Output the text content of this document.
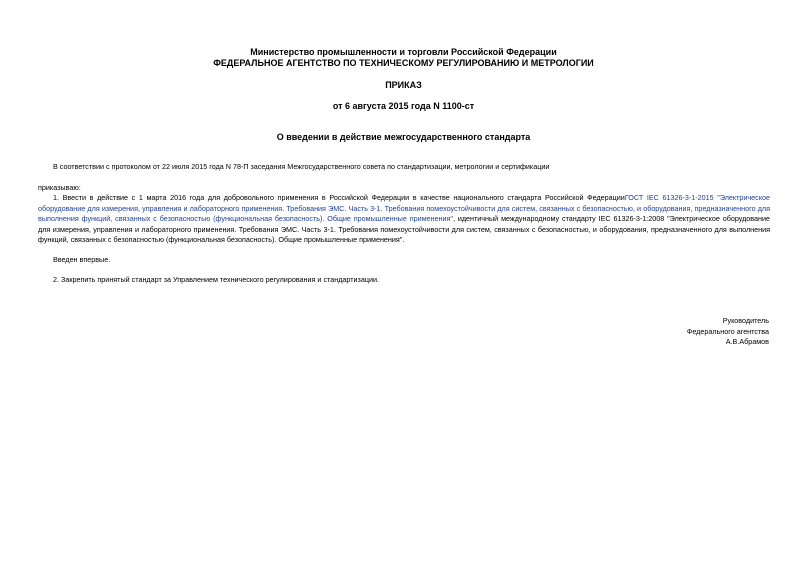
Министерство промышленности и торговли Российской Федерации
ФЕДЕРАЛЬНОЕ АГЕНТСТВО ПО ТЕХНИЧЕСКОМУ РЕГУЛИРОВАНИЮ И МЕТРОЛОГИИ
ПРИКАЗ
от 6 августа 2015 года N 1100-ст
О введении в действие межгосударственного стандарта
В соответствии с протоколом от 22 июля 2015 года N 78-П заседания Межгосударственного совета по стандартизации, метрологии и сертификации
приказываю:
1. Ввести в действие с 1 марта 2016 года для добровольного применения в Российской Федерации в качестве национального стандарта Российской ФедерацииГОСТ IEC 61326-3-1-2015 "Электрическое оборудование для измерения, управления и лабораторного применения. Требования ЭМС. Часть 3-1. Требования помехоустойчивости для систем, связанных с безопасностью, и оборудования, предназначенного для выполнения функций, связанных с безопасностью (функциональная безопасность). Общие промышленные применения", идентичный международному стандарту IEC 61326-3-1:2008 "Электрическое оборудование для измерения, управления и лабораторного применения. Требования ЭМС. Часть 3-1. Требования помехоустойчивости для систем, связанных с безопасностью, и оборудования, предназначенного для выполнения функций, связанных с безопасностью (функциональная безопасность). Общие промышленные применения".
Введен впервые.
2. Закрепить принятый стандарт за Управлением технического регулирования и стандартизации.
Руководитель
Федерального агентства
А.В.Абрамов
